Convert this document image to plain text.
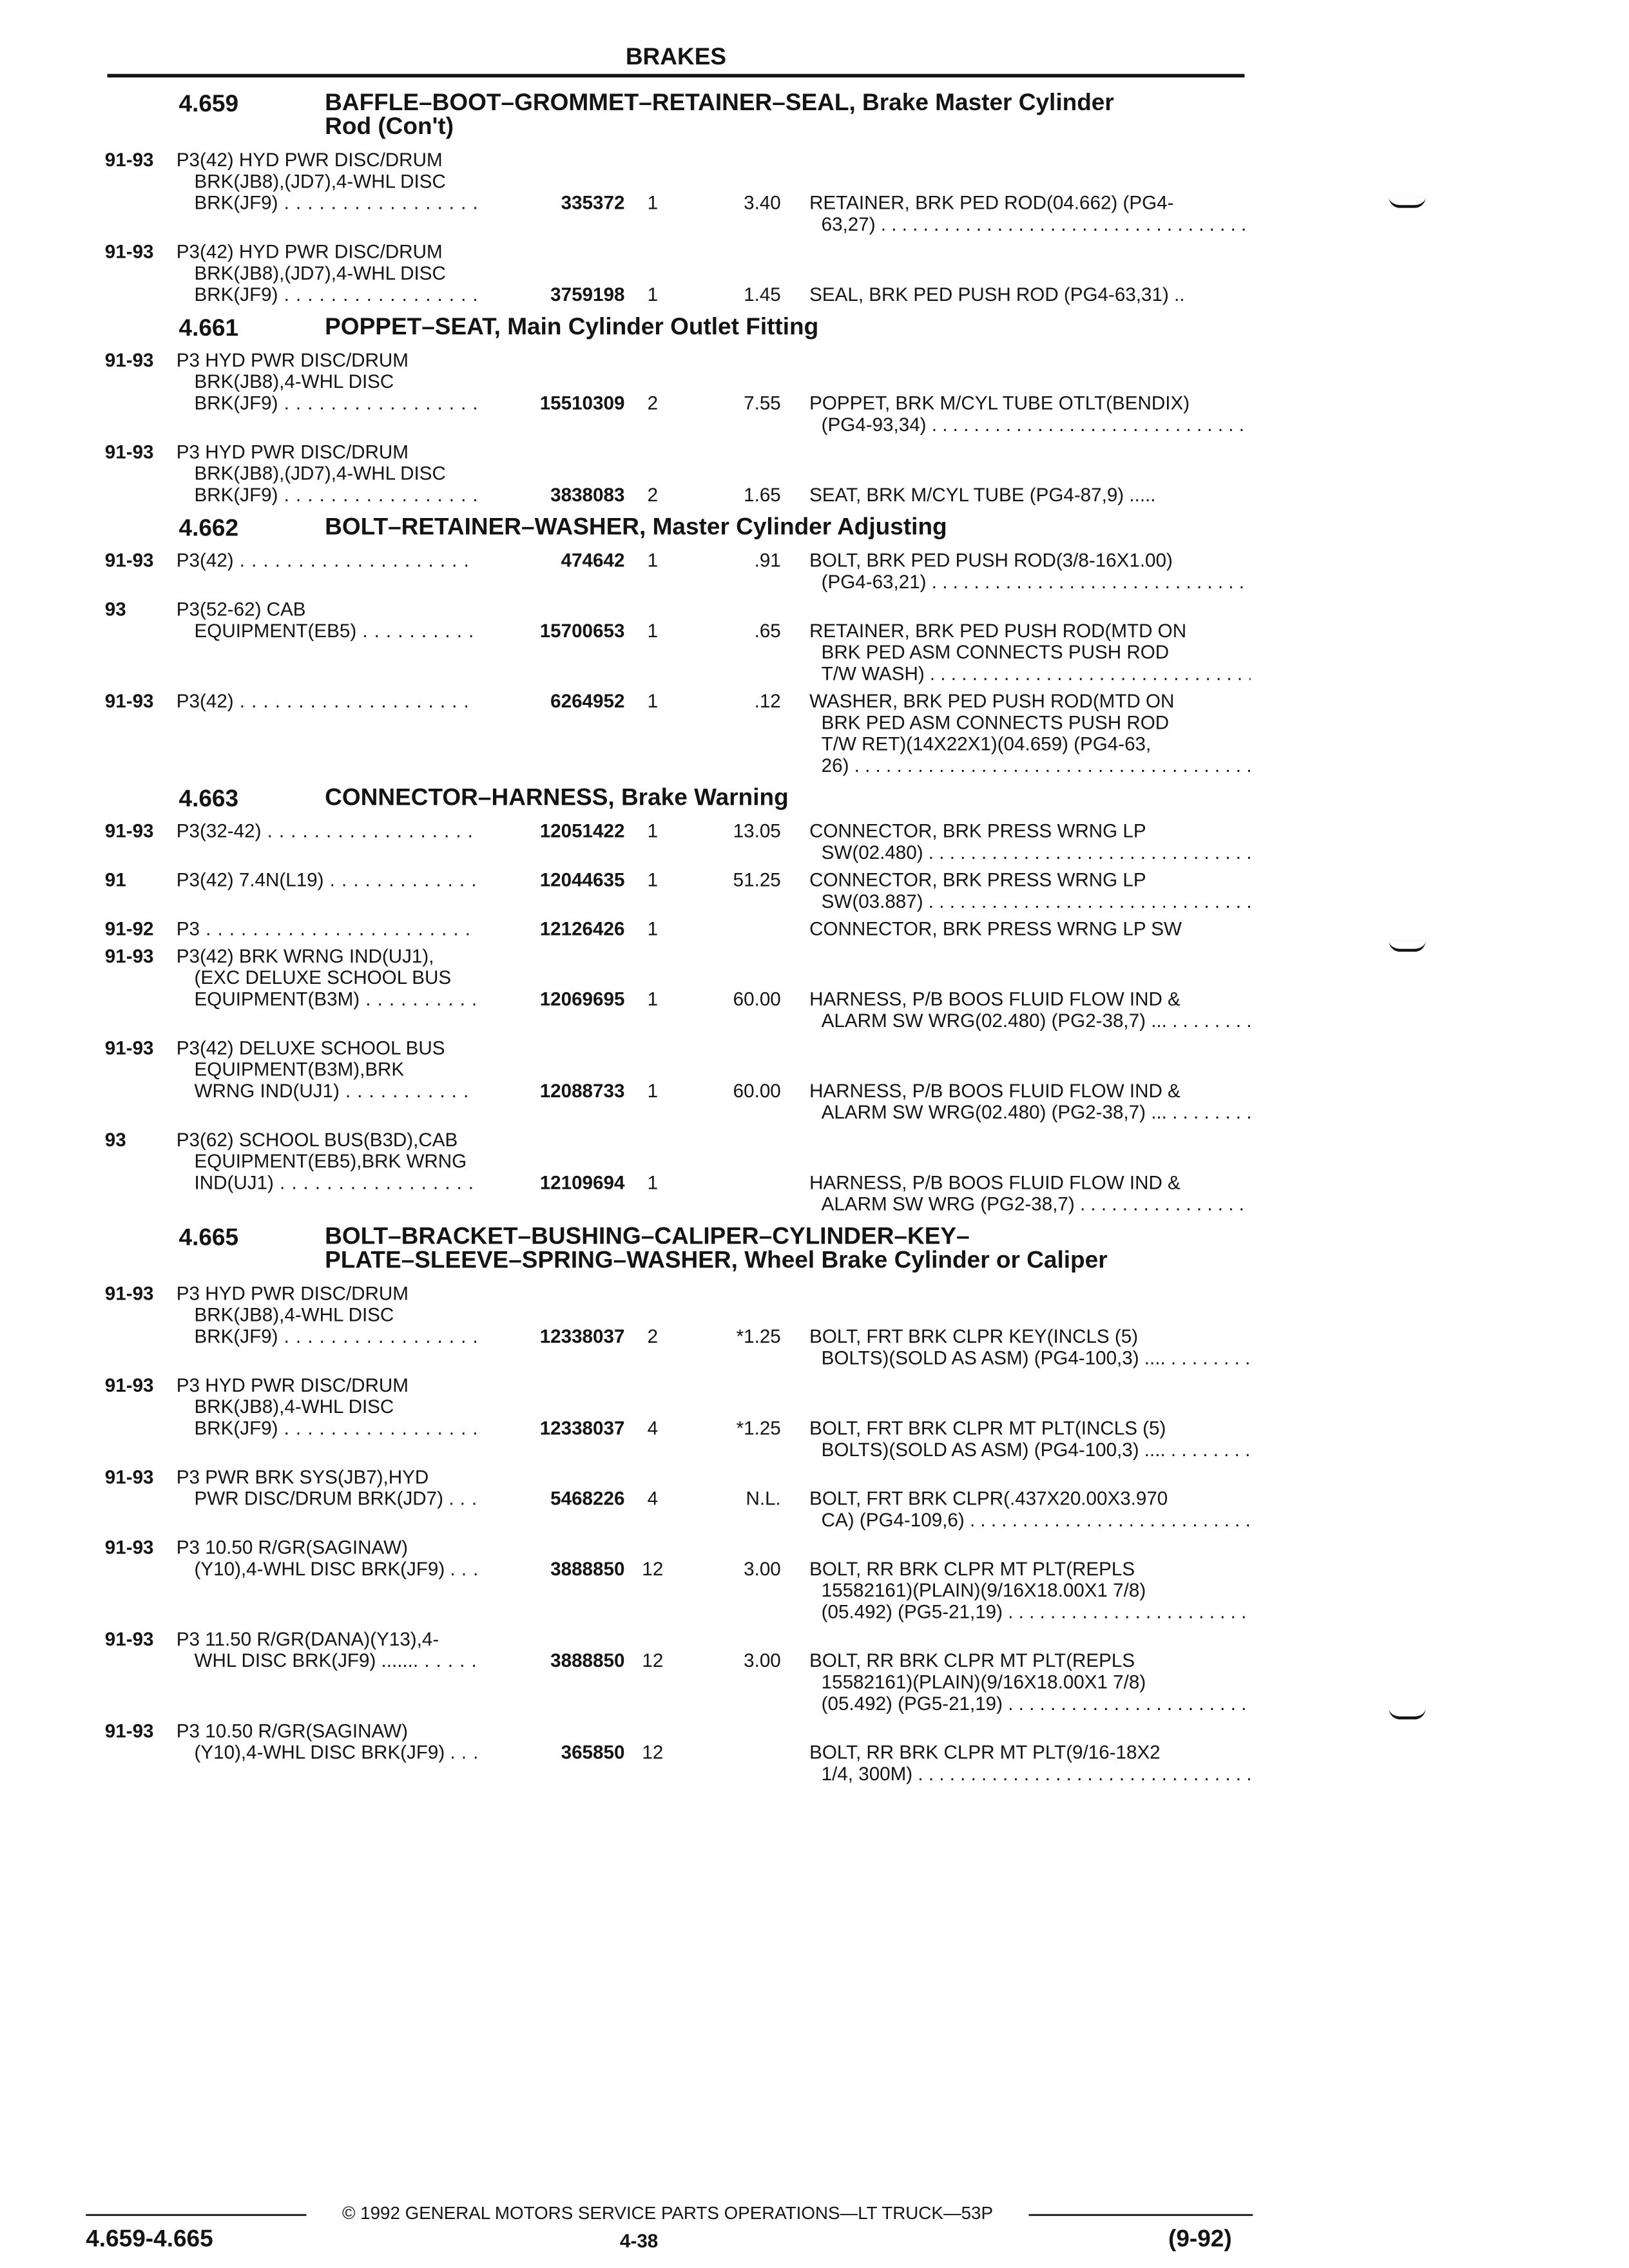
BRAKES
4.659	BAFFLE–BOOT–GROMMET–RETAINER–SEAL, Brake Master Cylinder
Rod (Con't)
91-93 P3(42) HYD PWR DISC/DRUM
BRK(JB8),(JD7),4-WHL DISC
BRK(JF9) . . .	335372	1	3.40 RETAINER, BRK PED ROD(04.662) (PG4-
63,27) . . .
91-93 P3(42) HYD PWR DISC/DRUM
BRK(JB8),(JD7),4-WHL DISC
BRK(JF9) . . .	3759198	1	1.45 SEAL, BRK PED PUSH ROD (PG4-63,31) ..
4.661	POPPET–SEAT, Main Cylinder Outlet Fitting
91-93 P3 HYD PWR DISC/DRUM
BRK(JB8),4-WHL DISC
BRK(JF9) . . .	15510309	2	7.55 POPPET, BRK M/CYL TUBE OTLT(BENDIX)
(PG4-93,34) . . .
91-93 P3 HYD PWR DISC/DRUM
BRK(JB8),(JD7),4-WHL DISC
BRK(JF9) . . .	3838083	2	1.65 SEAT, BRK M/CYL TUBE (PG4-87,9) .....
4.662	BOLT–RETAINER–WASHER, Master Cylinder Adjusting
91-93 P3(42) . . .	474642	1	.91 BOLT, BRK PED PUSH ROD(3/8-16X1.00)
(PG4-63,21) . . .
93 P3(52-62) CAB
EQUIPMENT(EB5) . . .	15700653	1	.65 RETAINER, BRK PED PUSH ROD(MTD ON
BRK PED ASM CONNECTS PUSH ROD
T/W WASH) . . .
91-93 P3(42) . . .	6264952	1	.12 WASHER, BRK PED PUSH ROD(MTD ON
BRK PED ASM CONNECTS PUSH ROD
T/W RET)(14X22X1)(04.659) (PG4-63,
26) . . .
4.663	CONNECTOR–HARNESS, Brake Warning
91-93 P3(32-42) . . .	12051422	1	13.05 CONNECTOR, BRK PRESS WRNG LP
SW(02.480) . . .
91 P3(42) 7.4N(L19) . . .	12044635	1	51.25 CONNECTOR, BRK PRESS WRNG LP
SW(03.887) . . .
91-92 P3 . . .	12126426	1	CONNECTOR, BRK PRESS WRNG LP SW
91-93 P3(42) BRK WRNG IND(UJ1),
(EXC DELUXE SCHOOL BUS
EQUIPMENT(B3M) . . .	12069695	1	60.00 HARNESS, P/B BOOS FLUID FLOW IND &
ALARM SW WRG(02.480) (PG2-38,7) ... . . .
91-93 P3(42) DELUXE SCHOOL BUS
EQUIPMENT(B3M),BRK
WRNG IND(UJ1) . . .	12088733	1	60.00 HARNESS, P/B BOOS FLUID FLOW IND &
ALARM SW WRG(02.480) (PG2-38,7) ... . . .
93 P3(62) SCHOOL BUS(B3D),CAB
EQUIPMENT(EB5),BRK WRNG
IND(UJ1) . . .	12109694	1	HARNESS, P/B BOOS FLUID FLOW IND &
ALARM SW WRG (PG2-38,7) . . .
4.665	BOLT–BRACKET–BUSHING–CALIPER–CYLINDER–KEY–
PLATE–SLEEVE–SPRING–WASHER, Wheel Brake Cylinder or Caliper
91-93 P3 HYD PWR DISC/DRUM
BRK(JB8),4-WHL DISC
BRK(JF9) . . .	12338037	2	*1.25 BOLT, FRT BRK CLPR KEY(INCLS (5)
BOLTS)(SOLD AS ASM) (PG4-100,3) .... . . .
91-93 P3 HYD PWR DISC/DRUM
BRK(JB8),4-WHL DISC
BRK(JF9) . . .	12338037	4	*1.25 BOLT, FRT BRK CLPR MT PLT(INCLS (5)
BOLTS)(SOLD AS ASM) (PG4-100,3) .... . . .
91-93 P3 PWR BRK SYS(JB7),HYD
PWR DISC/DRUM BRK(JD7) . . . .	5468226	4	N.L. BOLT, FRT BRK CLPR(.437X20.00X3.970
CA) (PG4-109,6) . . .
91-93 P3 10.50 R/GR(SAGINAW)
(Y10),4-WHL DISC BRK(JF9) . . . .	3888850 12	3.00 BOLT, RR BRK CLPR MT PLT(REPLS
15582161)(PLAIN)(9/16X18.00X1 7/8)
(05.492) (PG5-21,19) . . .
91-93 P3 11.50 R/GR(DANA)(Y13),4-
WHL DISC BRK(JF9) ....... . . .	3888850 12	3.00 BOLT, RR BRK CLPR MT PLT(REPLS
15582161)(PLAIN)(9/16X18.00X1 7/8)
(05.492) (PG5-21,19) . . .
91-93 P3 10.50 R/GR(SAGINAW)
(Y10),4-WHL DISC BRK(JF9) . . . .	365850 12	BOLT, RR BRK CLPR MT PLT(9/16-18X2
1/4, 300M) . . .
© 1992 GENERAL MOTORS SERVICE PARTS OPERATIONS—LT TRUCK—53P
4.659-4.665	4-38	(9-92)
